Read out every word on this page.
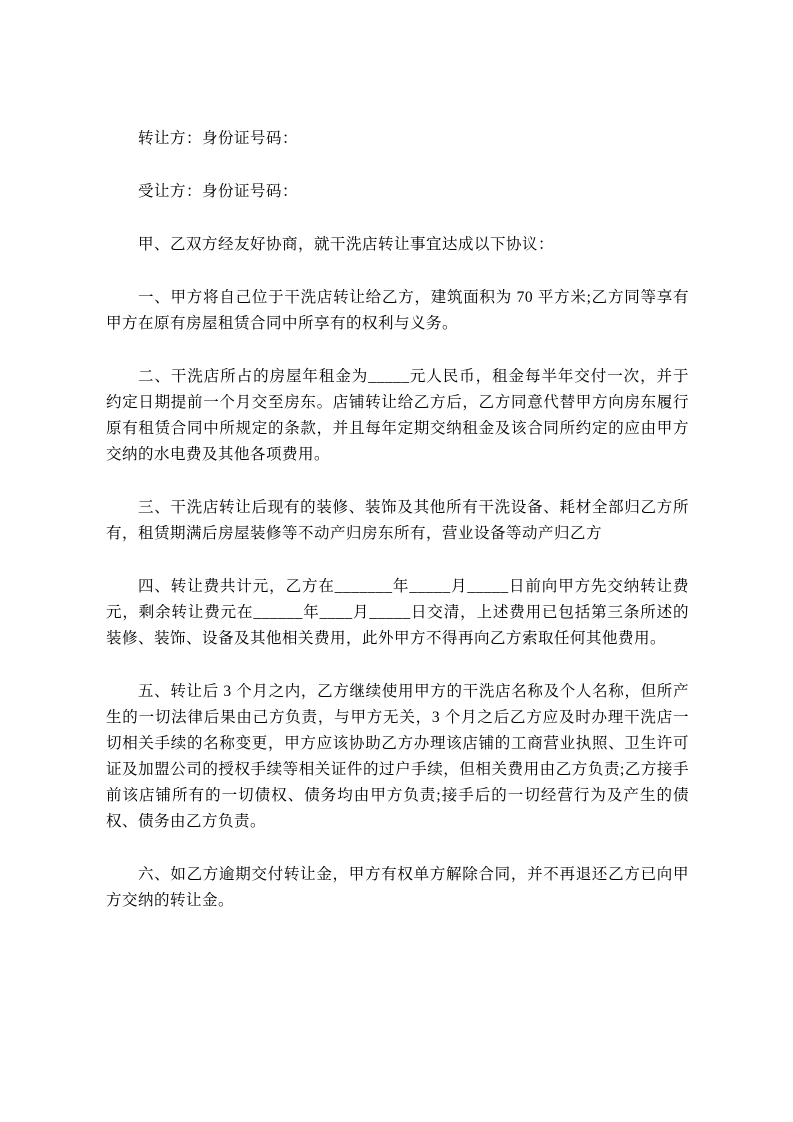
转让方：身份证号码：

受让方：身份证号码：

甲、乙双方经友好协商，就干洗店转让事宜达成以下协议：

一、甲方将自己位于干洗店转让给乙方，建筑面积为 70 平方米;乙方同等享有甲方在原有房屋租赁合同中所享有的权利与义务。

二、干洗店所占的房屋年租金为_____元人民币，租金每半年交付一次，并于约定日期提前一个月交至房东。店铺转让给乙方后，乙方同意代替甲方向房东履行原有租赁合同中所规定的条款，并且每年定期交纳租金及该合同所约定的应由甲方交纳的水电费及其他各项费用。

三、干洗店转让后现有的装修、装饰及其他所有干洗设备、耗材全部归乙方所有，租赁期满后房屋装修等不动产归房东所有，营业设备等动产归乙方

四、转让费共计元，乙方在_______年_____月_____日前向甲方先交纳转让费元，剩余转让费元在______年____月_____日交清，上述费用已包括第三条所述的装修、装饰、设备及其他相关费用，此外甲方不得再向乙方索取任何其他费用。

五、转让后 3 个月之内，乙方继续使用甲方的干洗店名称及个人名称，但所产生的一切法律后果由己方负责，与甲方无关，3 个月之后乙方应及时办理干洗店一切相关手续的名称变更，甲方应该协助乙方办理该店铺的工商营业执照、卫生许可证及加盟公司的授权手续等相关证件的过户手续，但相关费用由乙方负责;乙方接手前该店铺所有的一切债权、债务均由甲方负责;接手后的一切经营行为及产生的债权、债务由乙方负责。

六、如乙方逾期交付转让金，甲方有权单方解除合同，并不再退还乙方已向甲方交纳的转让金。
